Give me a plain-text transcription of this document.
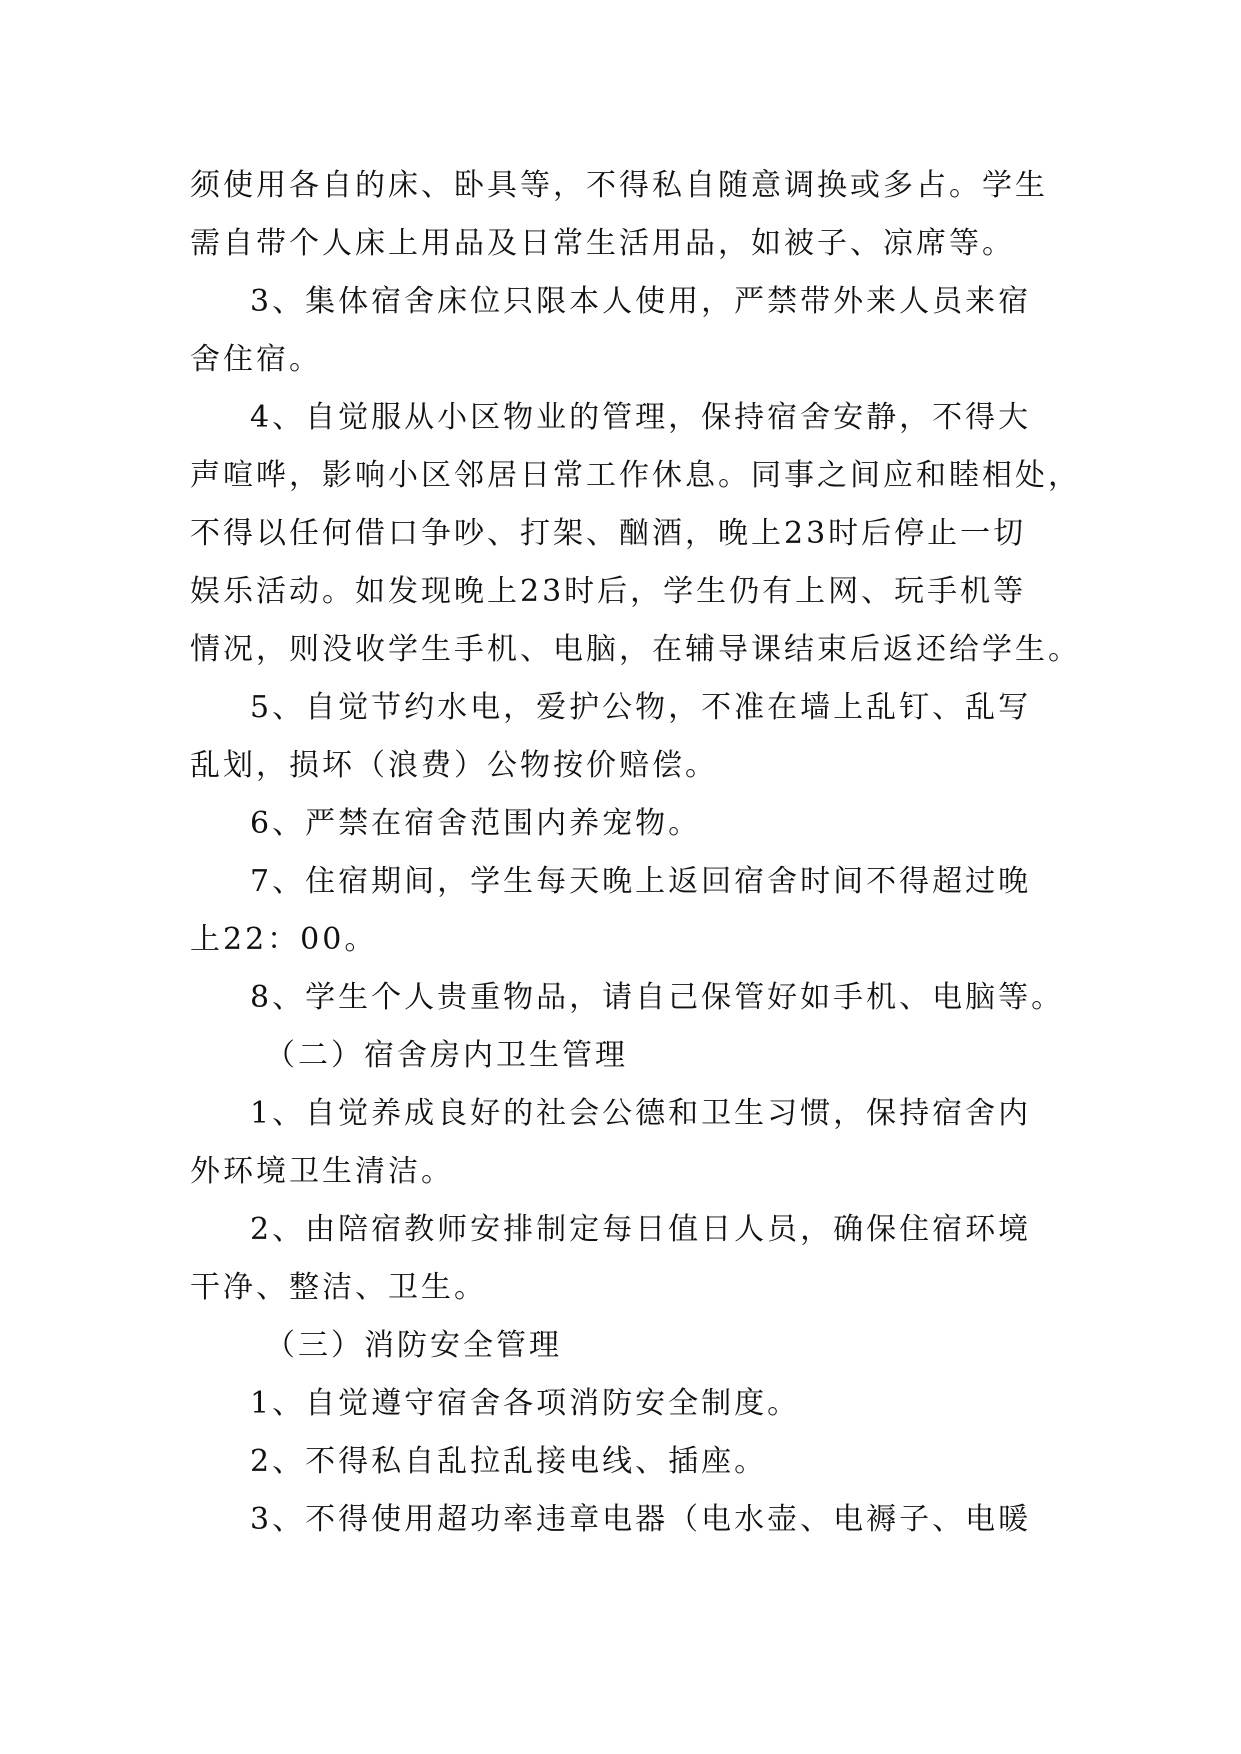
须使用各自的床、卧具等，不得私自随意调换或多占。学生
需自带个人床上用品及日常生活用品，如被子、凉席等。
3、集体宿舍床位只限本人使用，严禁带外来人员来宿
舍住宿。
4、自觉服从小区物业的管理，保持宿舍安静，不得大
声喧哗，影响小区邻居日常工作休息。同事之间应和睦相处，
不得以任何借口争吵、打架、酗酒，晚上23时后停止一切
娱乐活动。如发现晚上23时后，学生仍有上网、玩手机等
情况，则没收学生手机、电脑，在辅导课结束后返还给学生。
5、自觉节约水电，爱护公物，不准在墙上乱钉、乱写
乱划，损坏（浪费）公物按价赔偿。
6、严禁在宿舍范围内养宠物。
7、住宿期间，学生每天晚上返回宿舍时间不得超过晚
上22：00。
8、学生个人贵重物品，请自己保管好如手机、电脑等。
（二）宿舍房内卫生管理
1、自觉养成良好的社会公德和卫生习惯，保持宿舍内
外环境卫生清洁。
2、由陪宿教师安排制定每日值日人员，确保住宿环境
干净、整洁、卫生。
（三）消防安全管理
1、自觉遵守宿舍各项消防安全制度。
2、不得私自乱拉乱接电线、插座。
3、不得使用超功率违章电器（电水壶、电褥子、电暖
